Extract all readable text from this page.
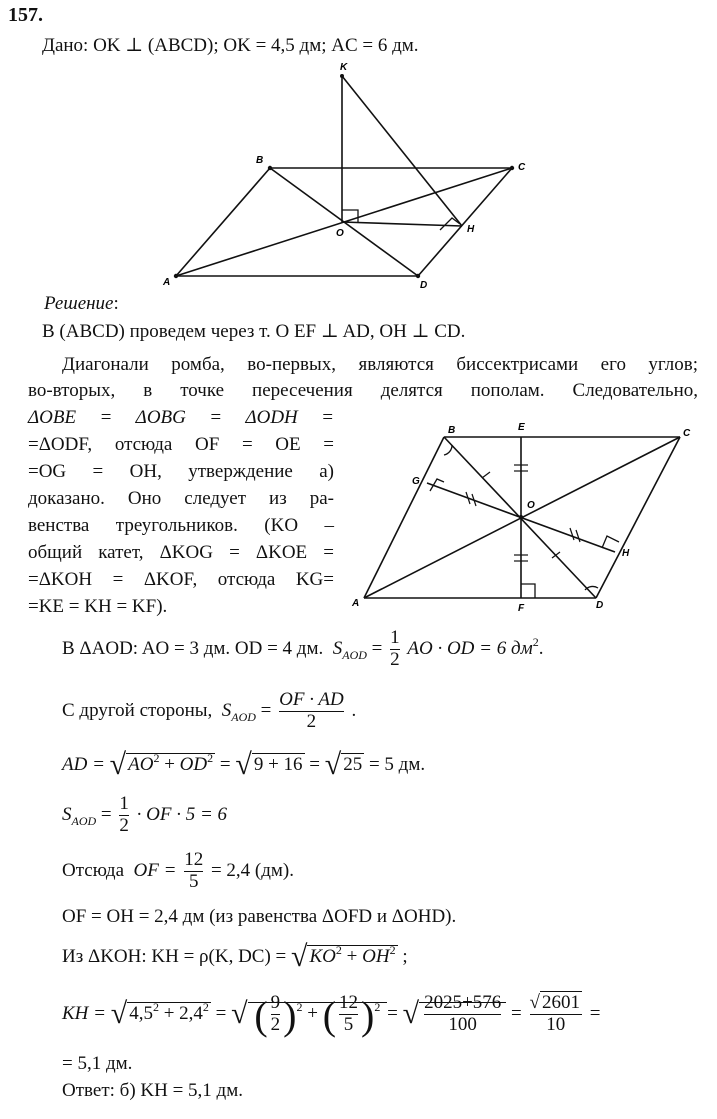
157.
Дано: OK ⊥ (ABCD); OK = 4,5 дм; AC = 6 дм.
K
B
C
O	H
A	D
Решение:
В (ABCD) проведем через т. O EF ⊥ AD, OH ⊥ CD.
Диагонали ромба, во-первых, являются биссектрисами его углов;
во-вторых, в точке пересечения делятся пополам. Следовательно,
ΔOBE = ΔOBG = ΔODH =
=ΔODF, отсюда OF = OE =
=OG = OH, утверждение а)
доказано. Оно следует из ра-
венства треугольников. (KO –
общий катет, ΔKOG = ΔKOE =
=ΔKOH = ΔKOF, отсюда KG=
=KE = KH = KF).
B	E
C
G
O
H
A	F	D
В ΔAOD: AO = 3 дм. OD = 4 дм. $S_{AOD} = \frac{1}{2}$ AO · OD = 6 $дм^2$.
С другой стороны, $S_{AOD} = \frac{OF \cdot AD}{2}$ .
AD = √ $AO^2 + OD^2$ = √ 9 + 16 = √ 25 = 5 дм.
$S_{AOD} = \frac{1}{2}$ · OF · 5 = 6
Отсюда OF = $\frac{12}{5} = 2,4$ (дм).
OF = OH = 2,4 дм (из равенства ΔOFD и ΔOHD).
Из ΔKOH: KH = ρ(K, DC) = √ $KO^2 + OH^2$ ;
KH = √ $4,5^2 + 2,4^2$ = √ ( $\frac{9}{2} )^2$ + ( $\frac{12}{5} )^2$ = √ $\frac{2025+576}{100} = \frac{√ 2601}{10}$ =
= 5,1 дм.
Ответ: б) KH = 5,1 дм.
